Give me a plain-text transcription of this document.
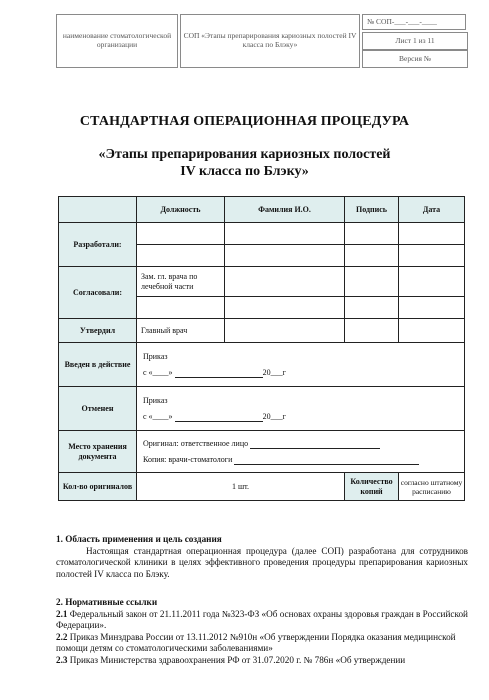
наименование стоматологической организации
СОП «Этапы препарирования кариозных полостей IV класса по Блэку»
№ СОП-___-___-____
Лист 1 из 11
Версия №
СТАНДАРТНАЯ ОПЕРАЦИОННАЯ ПРОЦЕДУРА
«Этапы препарирования кариозных полостей
IV класса по Блэку»
	Должность	Фамилия И.О.	Подпись	Дата
Разработали:				

Согласовали:	Зам. гл. врача по лечебной части			

Утвердил	Главный врач			
Введен в действие	Приказ
с «____» 20___г			

Отменен	Приказ
с «____» 20___г			

Место хранения документа	Оригинал: ответственное лицо
Копия: врачи-стоматологи			

Кол-во оригиналов	1 шт.		Количество копий	согласно штатному расписанию
1. Область применения и цель создания
Настоящая стандартная операционная процедура (далее СОП) разработана для сотрудников стоматологической клиники в целях эффективного проведения процедуры препарирования кариозных полостей IV класса по Блэку.
2. Нормативные ссылки
2.1 Федеральный закон от 21.11.2011 года №323-ФЗ «Об основах охраны здоровья граждан в Российской Федерации».
2.2 Приказ Минздрава России от 13.11.2012 №910н «Об утверждении Порядка оказания медицинской помощи детям со стоматологическими заболеваниями»
2.3 Приказ Министерства здравоохранения РФ от 31.07.2020 г. № 786н «Об утверждении
